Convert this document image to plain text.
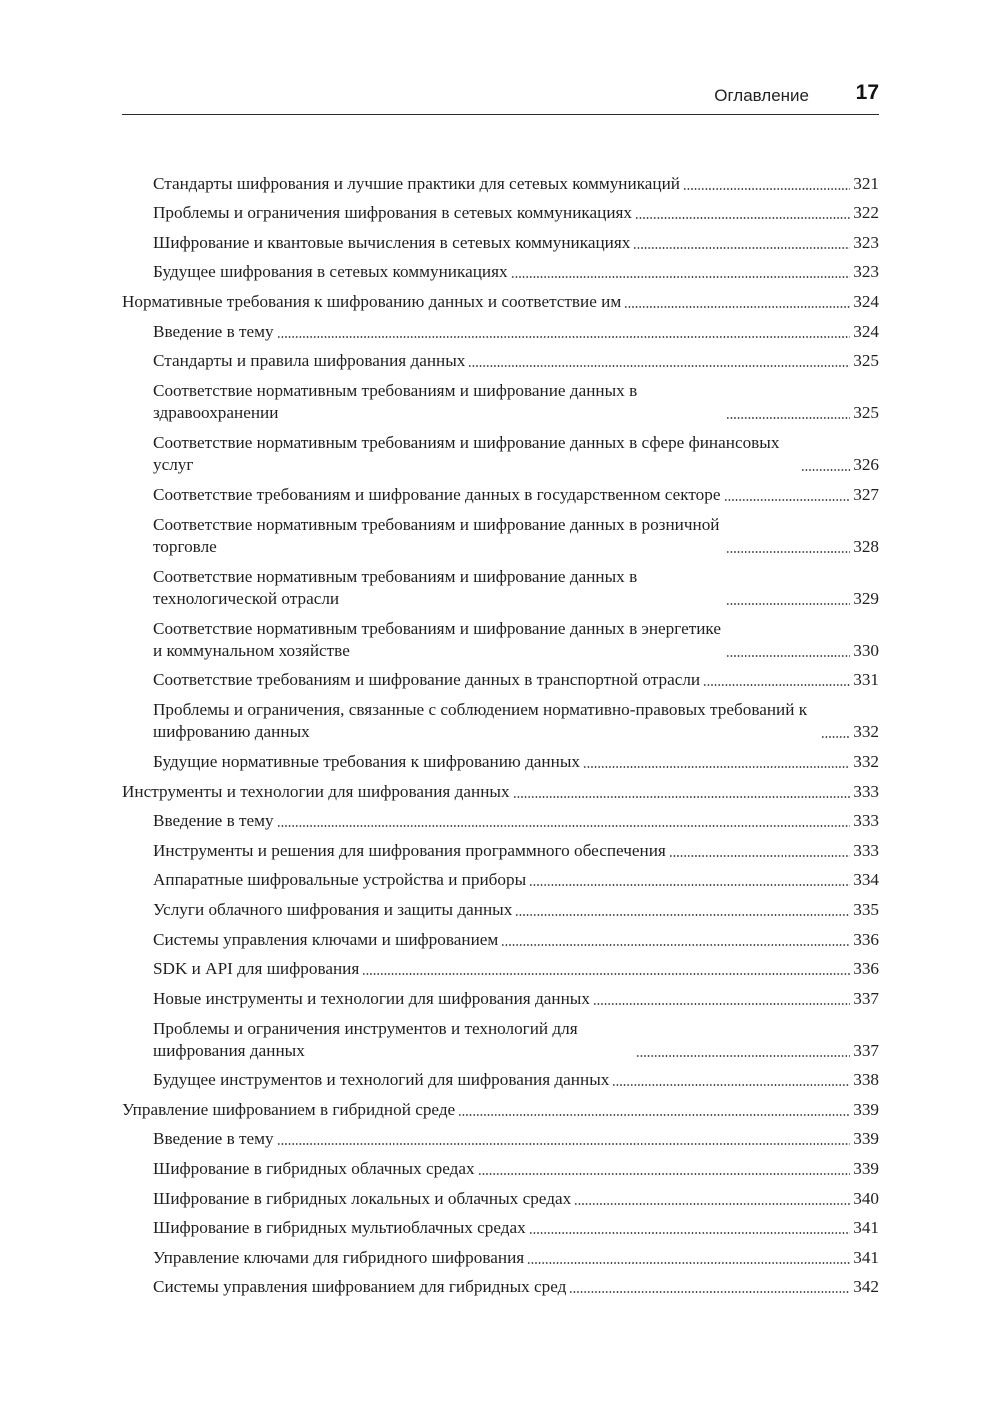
Оглавление 17
Стандарты шифрования и лучшие практики для сетевых коммуникаций	321
Проблемы и ограничения шифрования в сетевых коммуникациях	322
Шифрование и квантовые вычисления в сетевых коммуникациях	323
Будущее шифрования в сетевых коммуникациях	323
Нормативные требования к шифрованию данных и соответствие им	324
Введение в тему	324
Стандарты и правила шифрования данных	325
Соответствие нормативным требованиям и шифрование данных в здравоохранении	325
Соответствие нормативным требованиям и шифрование данных в сфере финансовых услуг	326
Соответствие требованиям и шифрование данных в государственном секторе	327
Соответствие нормативным требованиям и шифрование данных в розничной торговле	328
Соответствие нормативным требованиям и шифрование данных в технологической отрасли	329
Соответствие нормативным требованиям и шифрование данных в энергетике и коммунальном хозяйстве	330
Соответствие требованиям и шифрование данных в транспортной отрасли	331
Проблемы и ограничения, связанные с соблюдением нормативно-правовых требований к шифрованию данных	332
Будущие нормативные требования к шифрованию данных	332
Инструменты и технологии для шифрования данных	333
Введение в тему	333
Инструменты и решения для шифрования программного обеспечения	333
Аппаратные шифровальные устройства и приборы	334
Услуги облачного шифрования и защиты данных	335
Системы управления ключами и шифрованием	336
SDK и API для шифрования	336
Новые инструменты и технологии для шифрования данных	337
Проблемы и ограничения инструментов и технологий для шифрования данных	337
Будущее инструментов и технологий для шифрования данных	338
Управление шифрованием в гибридной среде	339
Введение в тему	339
Шифрование в гибридных облачных средах	339
Шифрование в гибридных локальных и облачных средах	340
Шифрование в гибридных мультиоблачных средах	341
Управление ключами для гибридного шифрования	341
Системы управления шифрованием для гибридных сред	342
